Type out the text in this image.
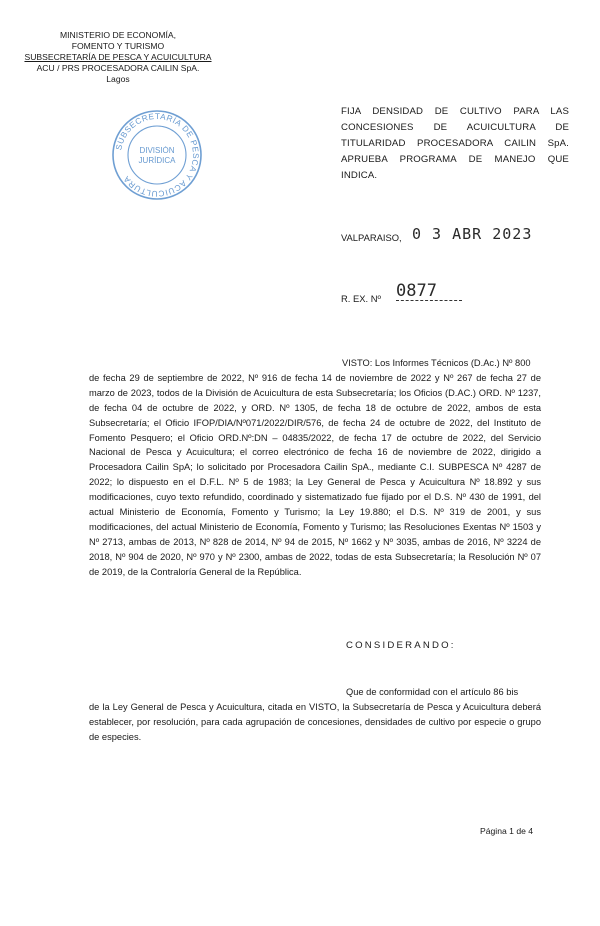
MINISTERIO DE ECONOMÍA,
FOMENTO Y TURISMO
SUBSECRETARÍA DE PESCA Y ACUICULTURA
ACU / PRS PROCESADORA CAILIN SpA.
Lagos
SUBSECRETARÍA DE PESCA Y ACUICULTURA
DIVISIÓN
JURÍDICA
FIJA DENSIDAD DE CULTIVO PARA LAS CONCESIONES DE ACUICULTURA DE TITULARIDAD PROCESADORA CAILIN SpA. APRUEBA PROGRAMA DE MANEJO QUE INDICA.
VALPARAISO, 0 3 ABR 2023
R. EX. Nº 0877
VISTO: Los Informes Técnicos (D.Ac.) Nº 800
de fecha 29 de septiembre de 2022, Nº 916 de fecha 14 de noviembre de 2022 y Nº 267 de fecha 27 de marzo de 2023, todos de la División de Acuicultura de esta Subsecretaría; los Oficios (D.AC.) ORD. Nº 1237, de fecha 04 de octubre de 2022, y ORD. Nº 1305, de fecha 18 de octubre de 2022, ambos de esta Subsecretaría; el Oficio IFOP/DIA/Nº071/2022/DIR/576, de fecha 24 de octubre de 2022, del Instituto de Fomento Pesquero; el Oficio ORD.Nº:DN – 04835/2022, de fecha 17 de octubre de 2022, del Servicio Nacional de Pesca y Acuicultura; el correo electrónico de fecha 16 de noviembre de 2022, dirigido a Procesadora Cailin SpA; lo solicitado por Procesadora Cailin SpA., mediante C.I. SUBPESCA Nº 4287 de 2022; lo dispuesto en el D.F.L. Nº 5 de 1983; la Ley General de Pesca y Acuicultura Nº 18.892 y sus modificaciones, cuyo texto refundido, coordinado y sistematizado fue fijado por el D.S. Nº 430 de 1991, del actual Ministerio de Economía, Fomento y Turismo; la Ley 19.880; el D.S. Nº 319 de 2001, y sus modificaciones, del actual Ministerio de Economía, Fomento y Turismo; las Resoluciones Exentas Nº 1503 y Nº 2713, ambas de 2013, Nº 828 de 2014, Nº 94 de 2015, Nº 1662 y Nº 3035, ambas de 2016, Nº 3224 de 2018, Nº 904 de 2020, Nº 970 y Nº 2300, ambas de 2022, todas de esta Subsecretaría; la Resolución Nº 07 de 2019, de la Contraloría General de la República.
CONSIDERANDO:
Que de conformidad con el artículo 86 bis
de la Ley General de Pesca y Acuicultura, citada en VISTO, la Subsecretaría de Pesca y Acuicultura deberá establecer, por resolución, para cada agrupación de concesiones, densidades de cultivo por especie o grupo de especies.
Página 1 de 4
